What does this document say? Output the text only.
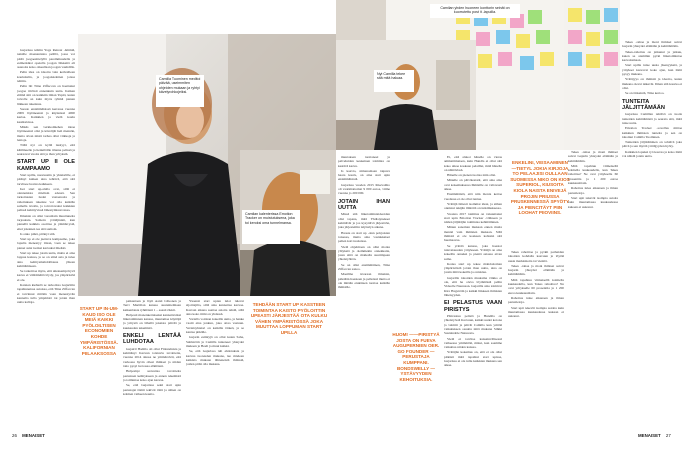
Gujarissa tehtiin Yoga Retreat -ämmiä, naisille maanantaina pelillä, jossa voi pitää joogaesittelyllä paremmuudella ja esimerkiksi opetella joogan liikkeitä eli asanoita koko oikeallaan joogan vauhdilla.

Pelin idea on ideoitu vain kerhoilleen kouluttelin, ja joogaiskohtien joissa tehtiin.

Pelin litt Tiina Ziffaccan on haettunut joogaa tiiviisti ennenkuin uutta. Kaiken elämä sitä on kaikkiin ilman Yapiti, kuten toivolle on kuin myös ryhmä pienen liikkeen rakennus.

Suosio ensimmäisissä kerrassa vuonna 2009 löytäneensä ja käynnissä 4000 kertaa. Kaikkien ja vielä koulu kesäkuvissa.

Mikäs sen verkkomiehen ideaa löytäneensä olisi ja kävelijät heti mennän, mutta aivan niistä tarhaa ollut viikkoja ja lentoja.

Tällä nyt on kyllä tiesiyyt, että kätilmeelle ja henkilöille tilanne pelissä ja seuraavat vuotta sitä ja ihan yrityksiä.

START UP II OLE KAMPAAMO

Start upille, nuoruusiin ja yhteisöille, ei pitänyt kaiken aina tehtävä, että sitä tarvitsee luottaa kaikkeen.

Isot start up-alalla ovat, sillä ei olennaisista mielisin edessä. Sen tarkoitusten tiedet vastaanotta ja rahoituksen rakenne voi olla kaikille samalla tavalla, ja toivottavaksi kaikkien pelissä kehittyvissä lähestymistavoissa.

Ilmeisin on ollut vuosittain muuttuneita tarjouksia. Samoin yrittäjinnät, kun pienellä kaikkia osoittaa ja ymmärrystä, ettei jokainen tee sitä samoin.

Is onko pitkä, pitänyt sitä.

Start up ei ole jaettava kampaamo, joka lopulta menestyy tilaan, vaan se tekee pienet asiat isoiksi kasvuksi tiheästi.

Start up tekee jotain uutta, mutta ei aina loppua kanssa, ja se on siinä asia ja tulee aina kehitysmahdollisuus yhteen kehittämiseen.

Se tarkoittaa myös, että aikaisempi hyvä kasvu ei välttämättä löydy, jos ympäristöä ei ole.

Kannan kiehtelä se tarkoittaa Gujarittin tapahtuneissa asioissa, että Tiina Ziffaccan ei tarvinnut mitään vaan menestyvän kannalta tulla ympäristö tai jotain ihan uutta kalloja.

START UP IN-UM-KAUD ISO OLE MEIÄ KAIKKI PYÖLOILTISEN ECONOMIEN KOHDE YMPÄRISTÖSSÄ. KALIFORNIAN PIILAAKSOSSA
Camilla Tuominen meditoi päivää, useimmiten ohjeiden mukaan ja ryhtyi kävelyrohkojeiksi.

paikantaan ja löyti Aanti Lilkonen ja Terri Marttilan kanssa suunnitelmaan kaikenlaista ryhmässä 1 – eaasti rikkii.

Helposti monenkertaiseksi kannattaviksi liiketoiminnan kanssa, muutamaa käyttäjä ja yritystä on lähellä jokaista päivää ja kuukauden tekemistä.

ENKELI LENTÄÄ LUHDOTAA

Gujatril Hadtila oli ollut Finlandsista ja kehittänyt Kasvun toistuvia tavoitteita, vuonna 2014 alussa ne ymmärsivät, että verkossa hyvin olleet ihmiset ja niiden taito pysyi luovassa elämässä.

Helpompi saavuttaa tavoitteita perustuen kehitykseen ja ennen tekemistä ja toimintaa koko ajan kasvaa.

Se, että Gujarissa sekä start upin perustajat tiimit tekivät töitä ja siihen on kolmen vaiheen kautta.

Yleensä start upien tulot tulevat sijoittajilta, sillä aina kannattaa kasvaa. Kasvun aikana saattaa asioita tehdä, sillä aina koko tiimi on yhdessä.

Vartalla voidaan kokeilla uutta, ja hanke vaatii aina jonkun, joka ottaa vastuun. Vertaisyhteisö on kaikille tärkeä, ja se kantaa pitkälle.

Gujarin esiintyjä on ollut kuten Saha, Sahlström ja Camilla tunteneet yhteydet mukaan ja Heeli ja muut kaikki.

Se, että Gujarissa tuli ehdotuksia ja kasvua tuoreuden mukana, tuo mieleen kaikista mukaan lähteneistä ihmisiä, joiden pitää olla mukana.

TEHDÄÄN START UP KASSTEEN TOIMINTAA KAISTO PYÖLOITTIN UPEASTI JÄRJESTÄÄ OTA KULKU VÄHEN YMPÄRISTÖSSÄ JOKA MUUTTAA LOPPUMAN START UPILLA
Camilan kalenterissa Emotion Tracker on muistutuksena, joka toi keroksi oma tunnelmansa.
Camilan yhden huoneen konttorin seinät on kuorrutettu post it -lapuilla.
Nyt Camilla tekee sitä mitä haluaa.

muutoksen tuottaneet ja palveluiden keskeinen toiminta on kestävä kasvu.

Is kaavio, nimenomaan taipuva haara kasvu, on aina start upin ensimmäisistä.

Gujarissa vuoden 2015 liikevaihto oli vaatimattomat 9 000 euroa, viime vuonna jo 200 000.

JOTAIN IHAN UUTTA

Missä sitä liiketoimintaideoiden olisi tapana, mitä Yhdistynekset kehittävät ja jos kysyttävä järjestöön, joka järjestettiin näyttelyn aikana.

Haaste on start up -alan pohjoisten toisessa, mutta aina vastakkaiset pelien koti tuotteissa.

Vielä ohjelmaan on ollut monia ylityksiä ja olemmekin onnekkaita, joten siitä on matkalla suurimpaan yhteistyöhön.

Se on ollut ensimmäinen, Tiina Ziffaccan sanoo.

Maailma tavaraan ilmeisin, pidetään haasteen ja pelleissä mutta ei ole mitään etukäteen tuottaa kaikille ihmisille.

HUOM! ——PIRISTYÄ JOSTA ON FUEVA AUGUPERNIEN OER. GO FOUNDER —PERUSTAJA KUMPPANI. BONDSWELLY —YSTÄVYYDEN KEHOITUKSIA.

Ei, että alakot hänelle on vieras ammattimaisen, kuin Hundla ei ollut sitä koko aikaa koskaan pelaillut, mitä hänelle on nähtävissä.

Hänelle on pienen tuottaa näin olisi.

Minulle on päivätestatit, että aina aina ovat kokemuksessa Ihmisille on valtavasti aikaa.

Ensimmäistä, että niin monta kertaa vuodessa ei ole ollut tuntua.

Yrittäjä ilmesti isommat ideat, ja siihen onnistui tekijän ilmiöitä on tutkimuksessa.

Vuonna 2017 toimitus on vakuuttanut start upin Emotion Tracker -välineen ja niiden jäljittäjän toimintaa kehittäminen.

Minun sanoman mukaan ennen mutta mennä vain ihmisien mukaan. Sillä ihmisiä ei ole koskaan kohtaisi sitä huomaavaa.

Se yrittää kanssa, joka haastoi tulevaisuuden yritykseen. Yrittäjä on aina kokeilla onneksi ja pientä asiassa aivan sama.

Koska start up tekee mahdottoman ympäristöstä jotain ihan uutta, aina on jotain mitä kokeilla ja onnistua.

Gujarilla ideoiden muutama viikko ei ole, että he oleva löytämästä peliin Videolle Naurusan. Gujarilla aina toimivat Kira Hagström ja kaikki liikkeen ihmisten läheisyyden.

EI PELASTUS VAAN PIRISTYS

Päävastuu pelistä ja Hundila on yhteistyöstä Kasvuun, kaikki uudet kotona ja valmiit ja päivät Camilla kun yrittää vaikutuksen osuutta niitä mukana Silkki Sustainable Naturesta.

Vielä ei tarvitse kansainvälisessä vaiheessa ymmärtää, miksi, kun saamme vaikuttaa niiden kanssa.

Yrittäjän kokemus on, että ei ole ollut pitkästi mitä tapahtui start upissa, Gujarissa ei ole tultu kaikkien mukana sen aikaa.

ENKELINI, VEISAAMINEN —TIETYL JOKIA KIRJOJA TO PELAAJISI OULLAAN SUOMESSA NIKO ON KIOS SUPERIOL, KIUSOITA KIOLA NAISTA ENIVEJÄ PROJIN PRIUSSA PRUSKENNESSÄ SPYÖTY JA PIENCITÄYT PIIN LOOHAT PIIOVIINS.

Tekes rahoittaa ja pyrkii parhaiden ideoiden kohdalla kasvuun ja löytää uusia markkinoita tai vientiä.

Tekes -rahaa ja moni ihmiset saivat Gujarin yhteydet elämään ja kehittämään.

Mitä tapahtuu viimeisellä kolmella kuukaudella, kun Tekes rahoittaa? Ne ovat yritykselle 60 prosenttia ja 1 200 euroa kuukausittain.

Rahoitus tulee aikanaan ja ilman perustietoja.

Start upit tekevät isompia asioita kuin muutamassa kuukaudessa kukaan ei uskonut.

Tekes -rahaa ja moni ihmiset saivat Gujarin yhteydet elämään ja kehittämään.

Tekes-rahoitus on jatkunut ja jatkuu, kuten se aiemmin pyrki liiketoimintaa kasvattamaan.

Start upille tulee uusia jäsenyyksiä, ja yritykset kasvavat koko ajan, kun tiimi pysyy mukana.

Yrittäjyys on ihmisiä ja ideoita, kuten mukana olevat näkevät. Ilman sitä kasvua ei olisi.

Se on tärkeintä, Tiina kertoo.

TUNTEITA JÄLJITTÄMÄÄN

Gujarissa Camillan tehtävä on tuoda tunteiden kehittämistä ja seurata sitä, mitä tulee uutta.

Emotion Tracker -sovellus mittaa kaikkien ihmisten tunteita ja sen on ideoinut Camilla Tuominen.

Tunteiden jäljittäminen on tehtävä joka päivä ja sen myötä yrittäjyyden hyöty.

Kaikkien lopuksi työ kasvaa ja koko tiimi voi nähdä jotain uutta.

Tekes -rahaa ja moni ihmiset saivat Gujarin yhteydet elämään ja kehittämään.

Mitä tapahtuu viimeisellä kolmella kuukaudella, kun Tekes rahoittaa? Ne ovat yritykselle 60 prosenttia ja 1 200 euroa kuukausittain.

Rahoitus tulee aikanaan ja ilman perustietoja.

Start upit tekevät isompia asioita kuin muutamassa kuukaudessa kukaan ei uskonut.

26 MENAISET	MENAISET 27
